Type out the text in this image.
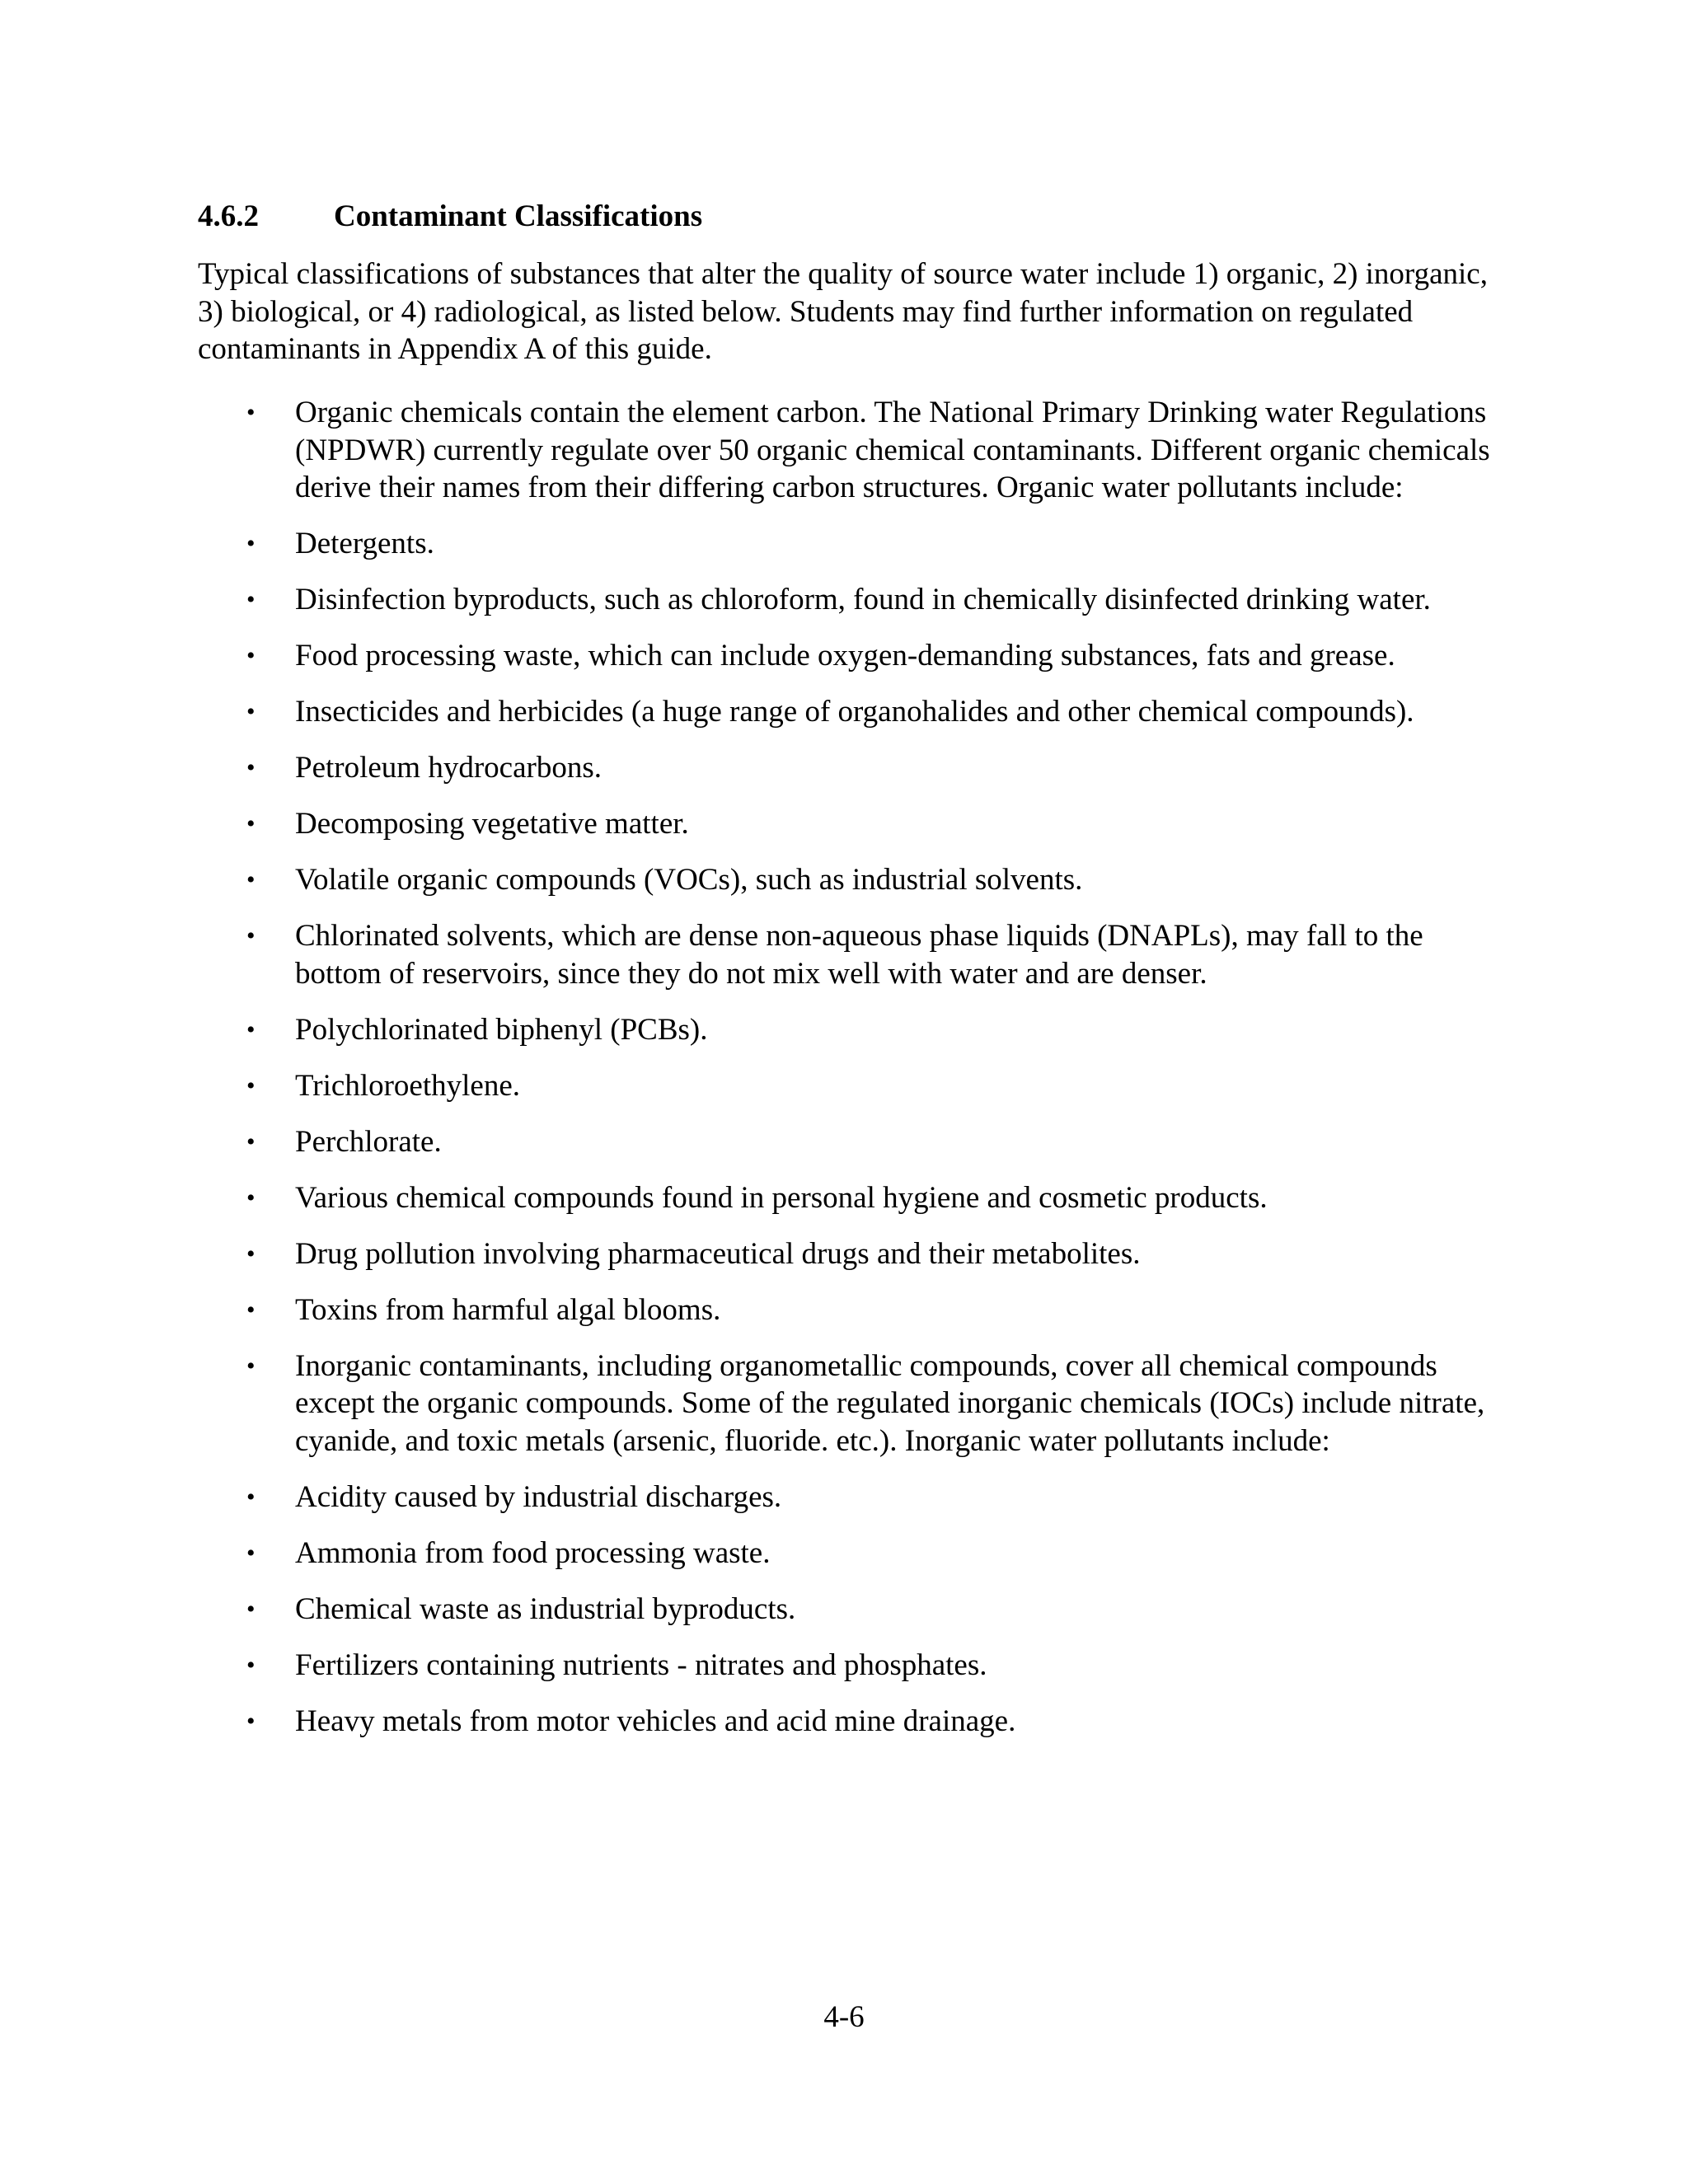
4.6.2 Contaminant Classifications

Typical classifications of substances that alter the quality of source water include 1) organic, 2) inorganic, 3) biological, or 4) radiological, as listed below. Students may find further information on regulated contaminants in Appendix A of this guide.

• Organic chemicals contain the element carbon. The National Primary Drinking water Regulations (NPDWR) currently regulate over 50 organic chemical contaminants. Different organic chemicals derive their names from their differing carbon structures. Organic water pollutants include:
• Detergents.
• Disinfection byproducts, such as chloroform, found in chemically disinfected drinking water.
• Food processing waste, which can include oxygen-demanding substances, fats and grease.
• Insecticides and herbicides (a huge range of organohalides and other chemical compounds).
• Petroleum hydrocarbons.
• Decomposing vegetative matter.
• Volatile organic compounds (VOCs), such as industrial solvents.
• Chlorinated solvents, which are dense non-aqueous phase liquids (DNAPLs), may fall to the bottom of reservoirs, since they do not mix well with water and are denser.
• Polychlorinated biphenyl (PCBs).
• Trichloroethylene.
• Perchlorate.
• Various chemical compounds found in personal hygiene and cosmetic products.
• Drug pollution involving pharmaceutical drugs and their metabolites.
• Toxins from harmful algal blooms.
• Inorganic contaminants, including organometallic compounds, cover all chemical compounds except the organic compounds. Some of the regulated inorganic chemicals (IOCs) include nitrate, cyanide, and toxic metals (arsenic, fluoride. etc.). Inorganic water pollutants include:
• Acidity caused by industrial discharges.
• Ammonia from food processing waste.
• Chemical waste as industrial byproducts.
• Fertilizers containing nutrients - nitrates and phosphates.
• Heavy metals from motor vehicles and acid mine drainage.
4-6
